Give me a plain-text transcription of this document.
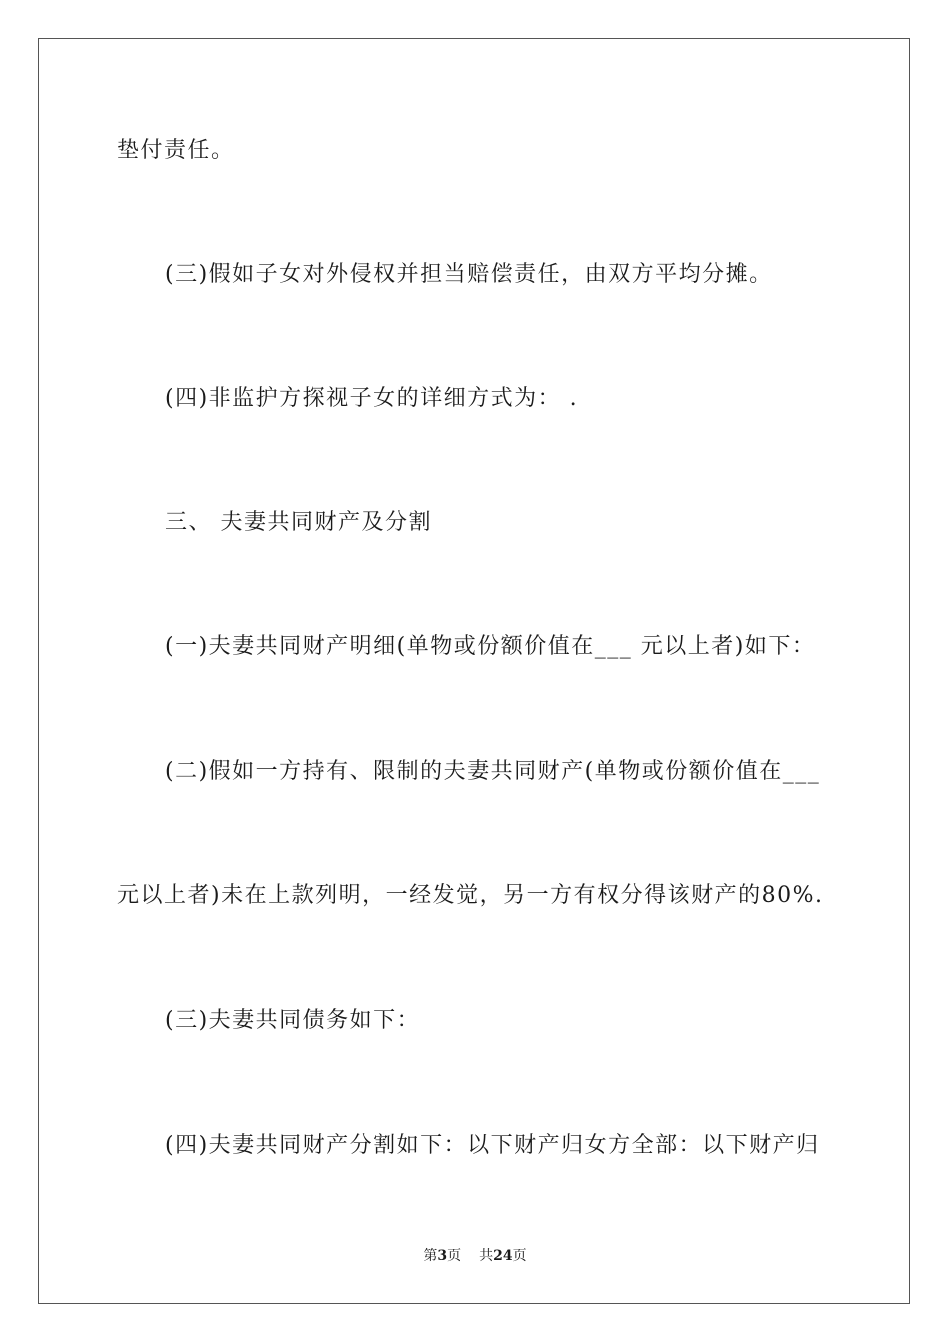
垫付责任。
(三)假如子女对外侵权并担当赔偿责任，由双方平均分摊。
(四)非监护方探视子女的详细方式为： .
三、 夫妻共同财产及分割
(一)夫妻共同财产明细(单物或份额价值在___ 元以上者)如下：
(二)假如一方持有、限制的夫妻共同财产(单物或份额价值在___
元以上者)未在上款列明，一经发觉，另一方有权分得该财产的80%.
(三)夫妻共同债务如下：
(四)夫妻共同财产分割如下：以下财产归女方全部：以下财产归
第3页 共24页
